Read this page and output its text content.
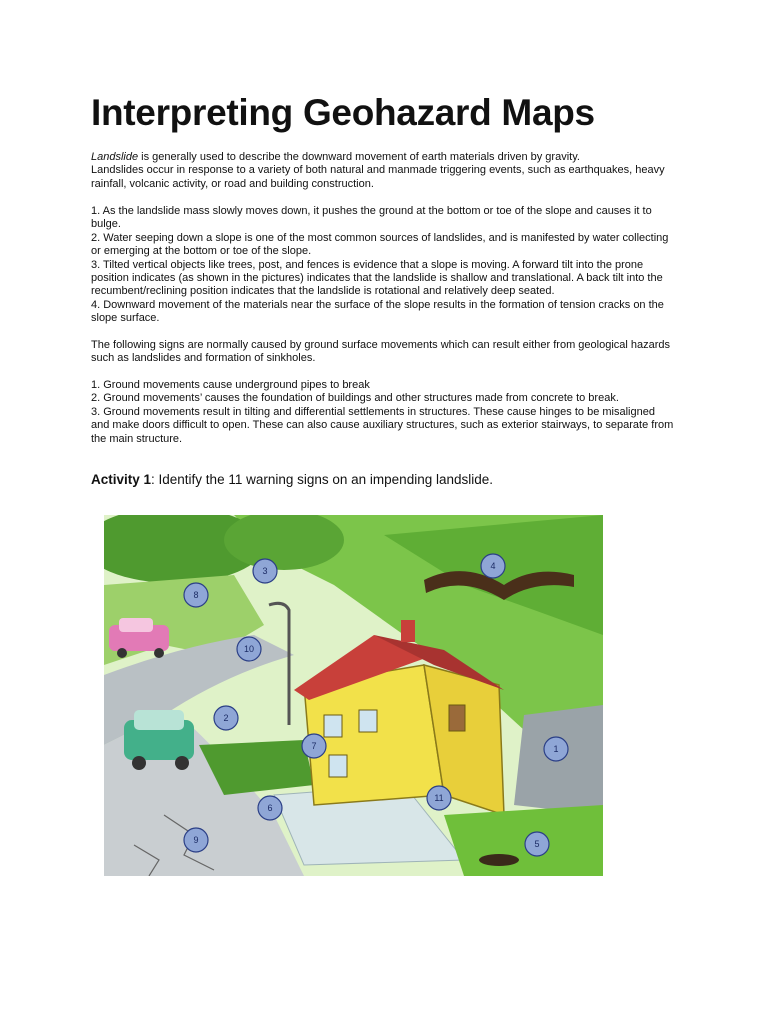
Interpreting Geohazard Maps

Landslide is generally used to describe the downward movement of earth materials driven by gravity.

Landslides occur in response to a variety of both natural and manmade triggering events, such as earthquakes, heavy rainfall, volcanic activity, or road and building construction.

1. As the landslide mass slowly moves down, it pushes the ground at the bottom or toe of the slope and causes it to bulge.

2. Water seeping down a slope is one of the most common sources of landslides, and is manifested by water collecting or emerging at the bottom or toe of the slope.

3. Tilted vertical objects like trees, post, and fences is evidence that a slope is moving. A forward tilt into the prone position indicates (as shown in the pictures) indicates that the landslide is shallow and translational. A back tilt into the recumbent/reclining position indicates that the landslide is rotational and relatively deep seated.

4. Downward movement of the materials near the surface of the slope results in the formation of tension cracks on the slope surface.

The following signs are normally caused by ground surface movements which can result either from geological hazards such as landslides and formation of sinkholes.

1. Ground movements cause underground pipes to break

2. Ground movements’ causes the foundation of buildings and other structures made from concrete to break.

3. Ground movements result in tilting and differential settlements in structures. These cause hinges to be misaligned and make doors difficult to open. These can also cause auxiliary structures, such as exterior stairways, to separate from the main structure.

Activity 1: Identify the 11 warning signs on an impending landslide.
1
2
3	4
5
6
7
8
9
10
11
